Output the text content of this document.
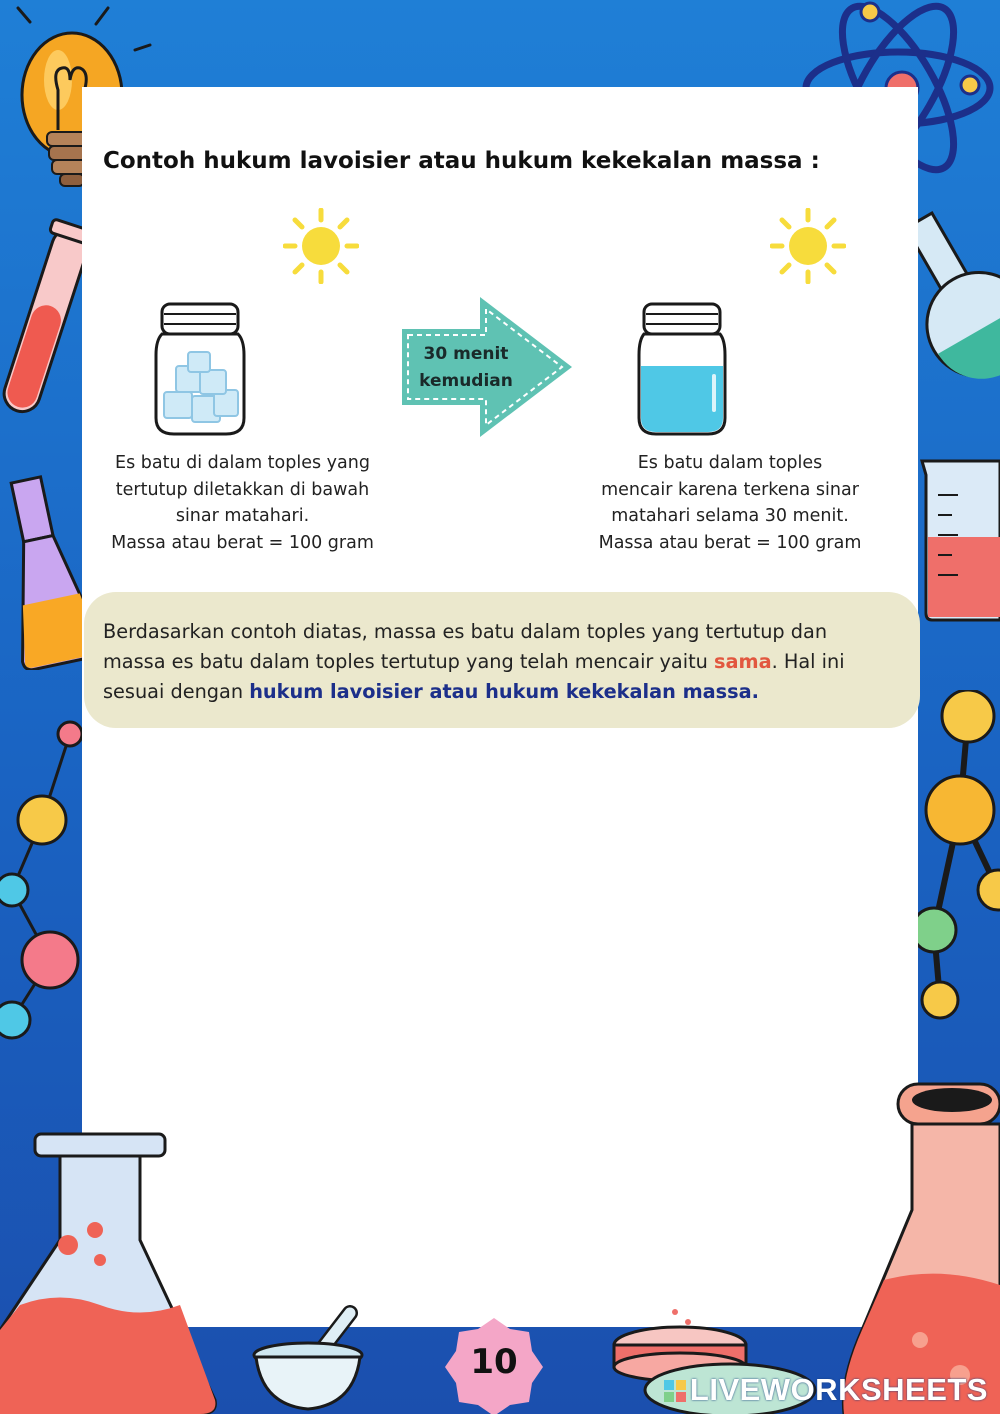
Contoh hukum lavoisier atau hukum kekekalan massa :
30 menit
kemudian
Es batu di dalam toples yang
tertutup diletakkan di bawah
sinar matahari.
Massa atau berat = 100 gram
Es batu dalam toples
mencair karena terkena sinar
matahari selama 30 menit.
Massa atau berat = 100 gram
Berdasarkan contoh diatas, massa es batu dalam toples yang tertutup dan
massa es batu dalam toples tertutup yang telah mencair yaitu sama. Hal ini
sesuai dengan hukum lavoisier atau hukum kekekalan massa.
10
LIVEWORKSHEETS
